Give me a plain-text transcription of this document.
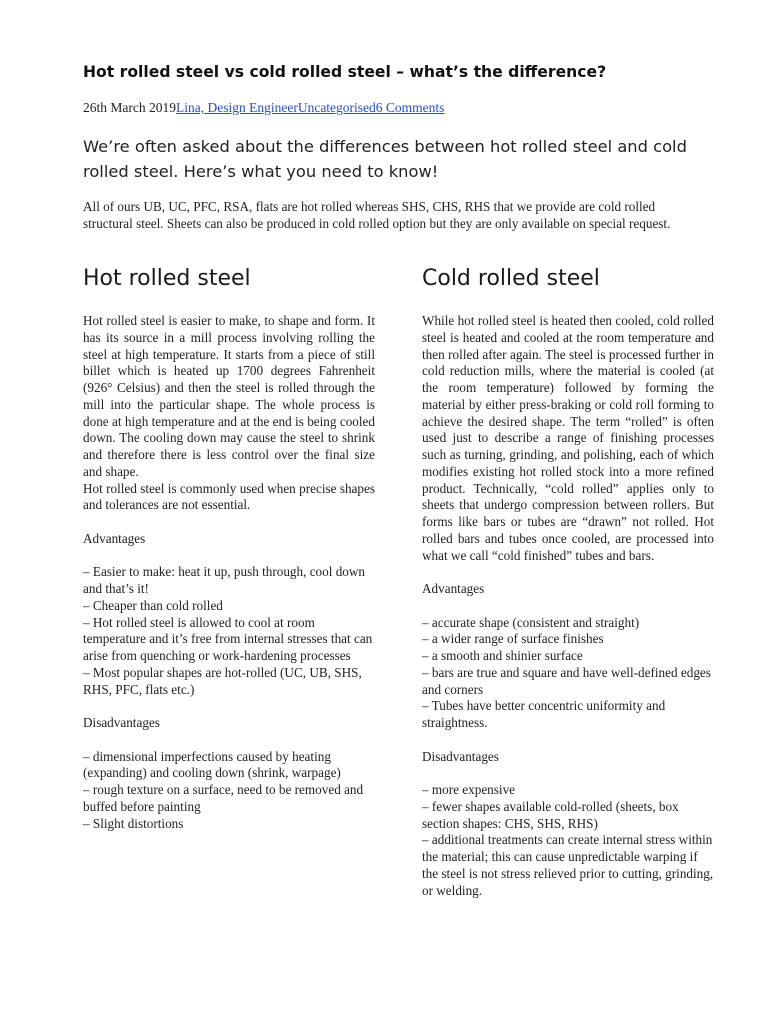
Hot rolled steel vs cold rolled steel – what’s the difference?
26th March 2019Lina, Design EngineerUncategorised6 Comments

We’re often asked about the differences between hot rolled steel and cold rolled steel. Here’s what you need to know!

All of ours UB, UC, PFC, RSA, flats are hot rolled whereas SHS, CHS, RHS that we provide are cold rolled structural steel. Sheets can also be produced in cold rolled option but they are only available on special request.

Hot rolled steel

Hot rolled steel is easier to make, to shape and form. It has its source in a mill process involving rolling the steel at high temperature. It starts from a piece of still billet which is heated up 1700 degrees Fahrenheit (926° Celsius) and then the steel is rolled through the mill into the particular shape. The whole process is done at high temperature and at the end is being cooled down. The cooling down may cause the steel to shrink and therefore there is less control over the final size and shape.

Hot rolled steel is commonly used when precise shapes and tolerances are not essential.

Advantages

– Easier to make: heat it up, push through, cool down and that’s it!
– Cheaper than cold rolled
– Hot rolled steel is allowed to cool at room temperature and it’s free from internal stresses that can arise from quenching or work-hardening processes
– Most popular shapes are hot-rolled (UC, UB, SHS, RHS, PFC, flats etc.)

Disadvantages

– dimensional imperfections caused by heating (expanding) and cooling down (shrink, warpage)
– rough texture on a surface, need to be removed and buffed before painting
– Slight distortions
Cold rolled steel

While hot rolled steel is heated then cooled, cold rolled steel is heated and cooled at the room temperature and then rolled after again. The steel is processed further in cold reduction mills, where the material is cooled (at the room temperature) followed by forming the material by either press-braking or cold roll forming to achieve the desired shape. The term “rolled” is often used just to describe a range of finishing processes such as turning, grinding, and polishing, each of which modifies existing hot rolled stock into a more refined product. Technically, “cold rolled” applies only to sheets that undergo compression between rollers. But forms like bars or tubes are “drawn” not rolled. Hot rolled bars and tubes once cooled, are processed into what we call “cold finished” tubes and bars.

Advantages

– accurate shape (consistent and straight)
– a wider range of surface finishes
– a smooth and shinier surface
– bars are true and square and have well-defined edges and corners
– Tubes have better concentric uniformity and straightness.

Disadvantages

– more expensive
– fewer shapes available cold-rolled (sheets, box section shapes: CHS, SHS, RHS)
– additional treatments can create internal stress within the material; this can cause unpredictable warping if the steel is not stress relieved prior to cutting, grinding, or welding.
